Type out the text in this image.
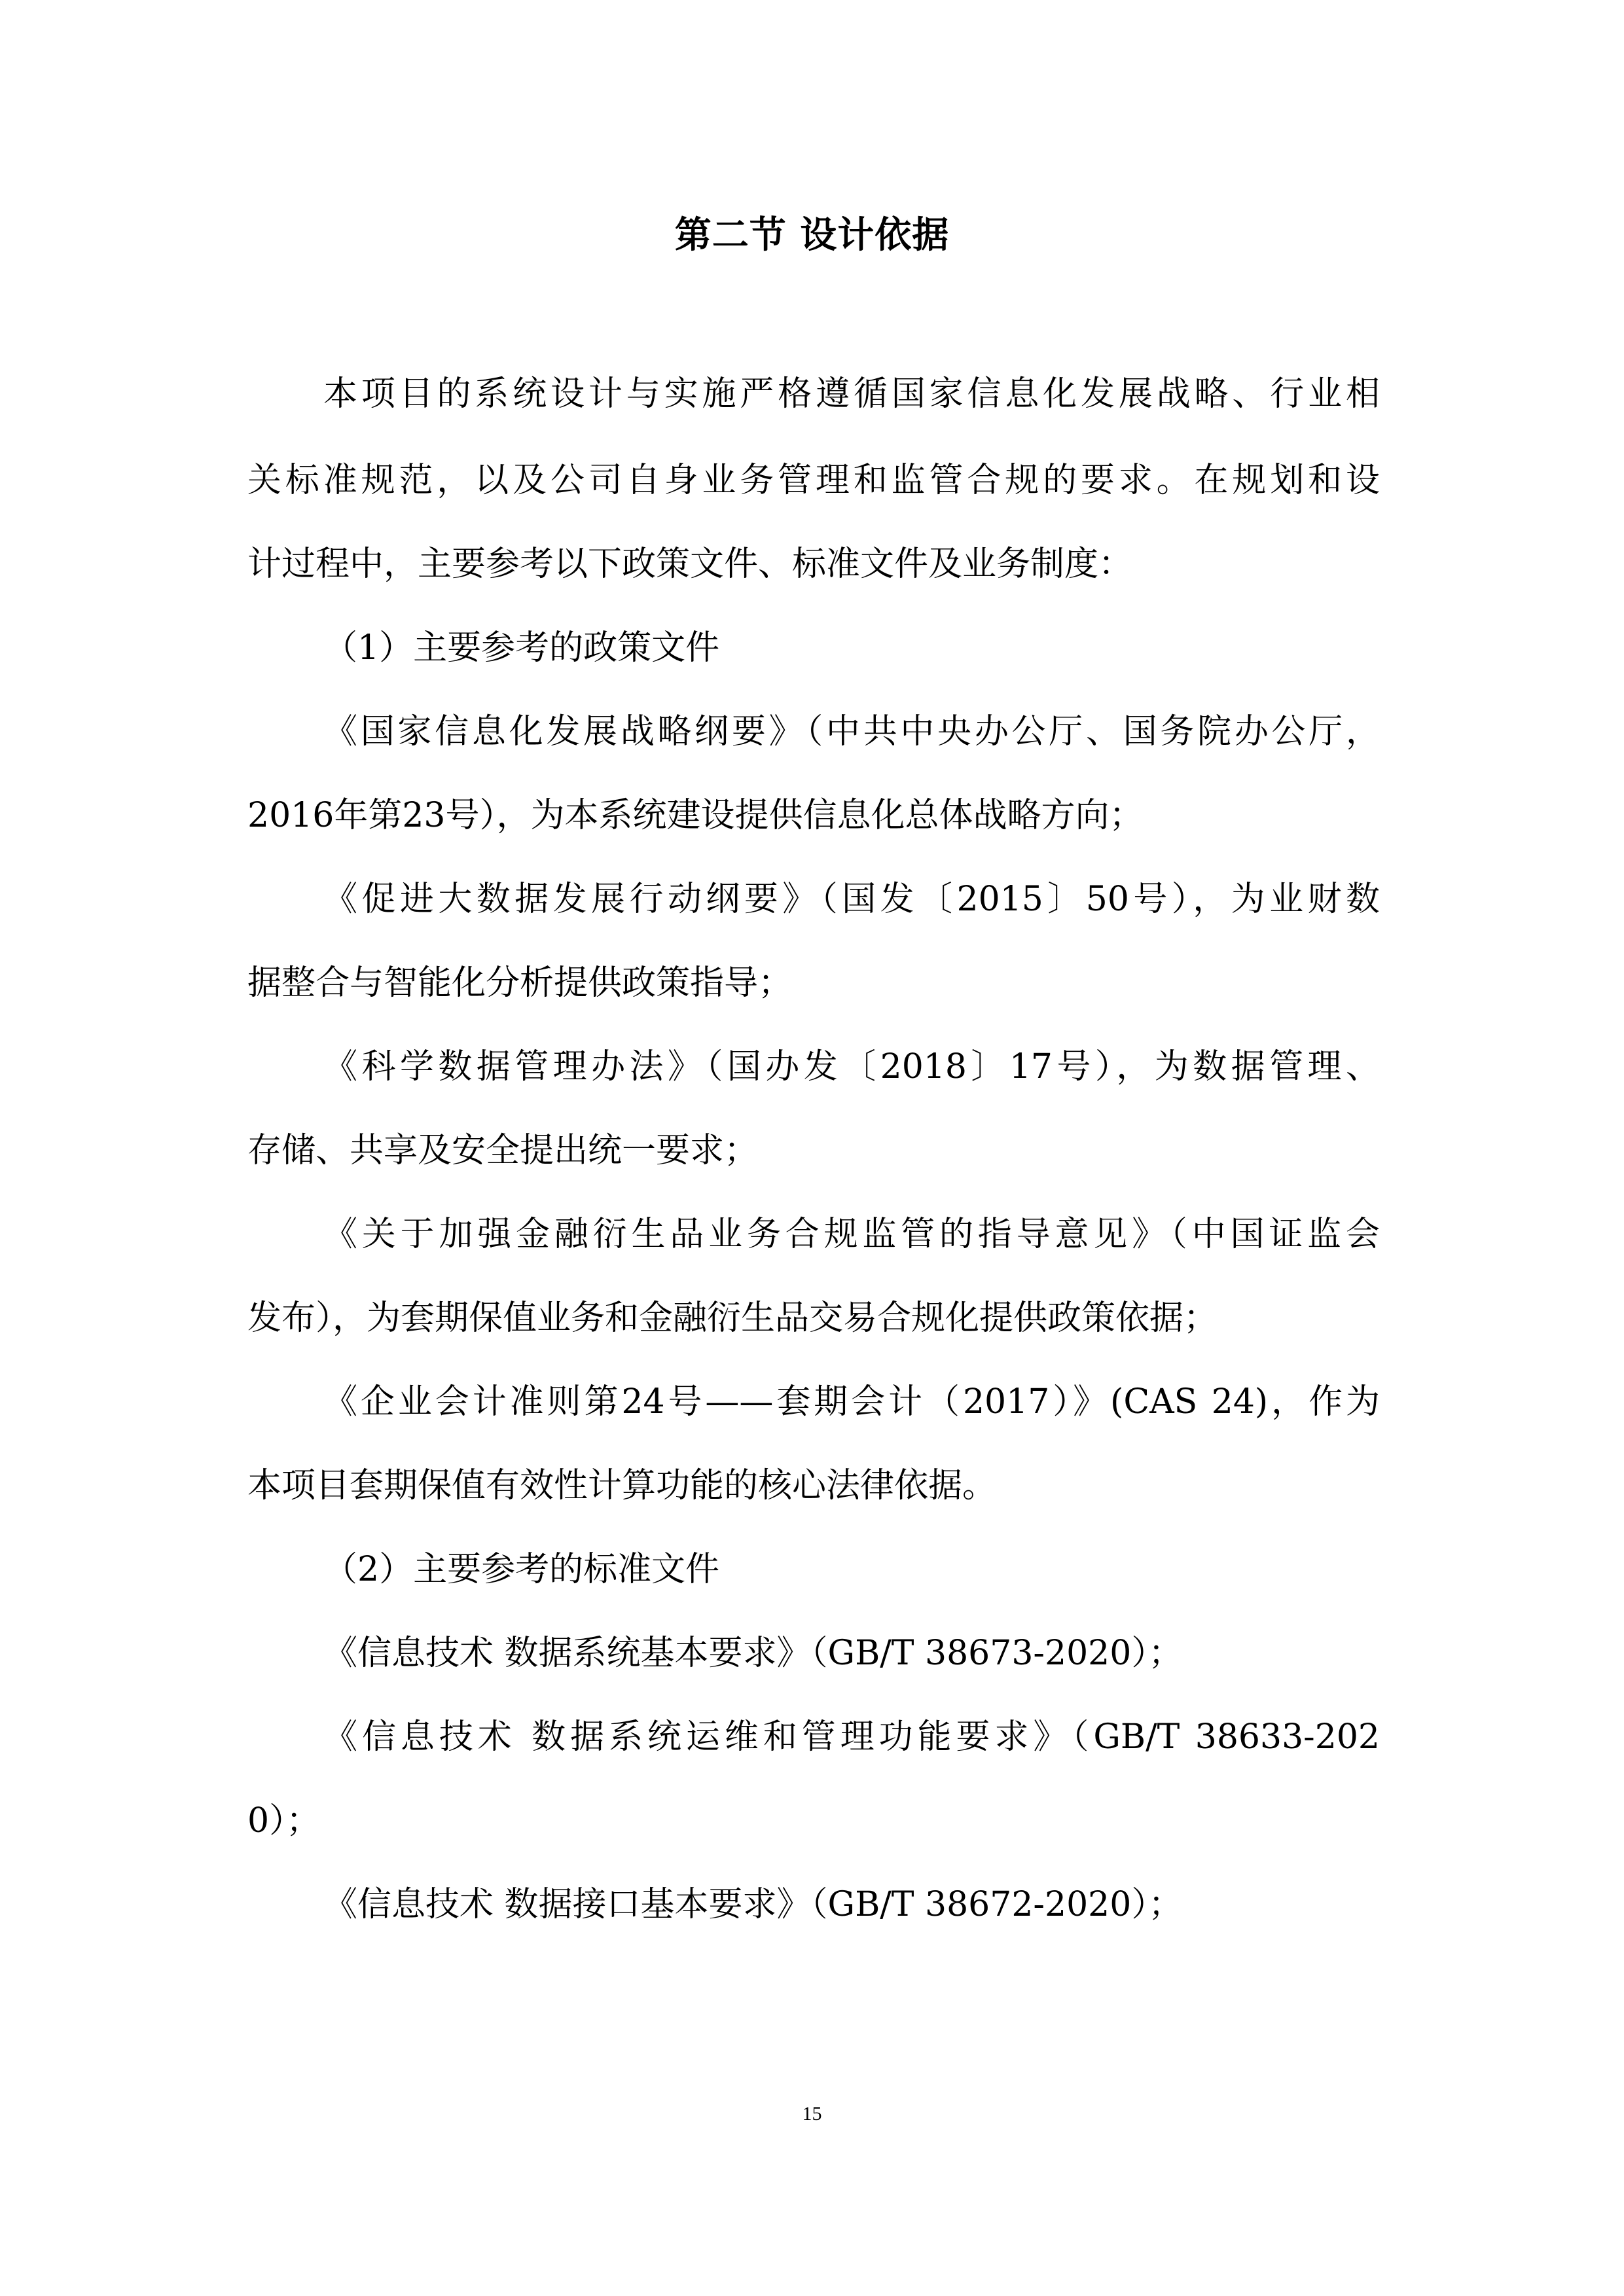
第二节 设计依据
本项目的系统设计与实施严格遵循国家信息化发展战略、行业相
关标准规范，以及公司自身业务管理和监管合规的要求。在规划和设
计过程中，主要参考以下政策文件、标准文件及业务制度：
（1）主要参考的政策文件
《国家信息化发展战略纲要》（中共中央办公厅、国务院办公厅，
2016年第23号），为本系统建设提供信息化总体战略方向；
《促进大数据发展行动纲要》（国发〔2015〕50号），为业财数
据整合与智能化分析提供政策指导；
《科学数据管理办法》（国办发〔2018〕17号），为数据管理、
存储、共享及安全提出统一要求；
《关于加强金融衍生品业务合规监管的指导意见》（中国证监会
发布），为套期保值业务和金融衍生品交易合规化提供政策依据；
《企业会计准则第24号——套期会计（2017）》(CAS 24)，作为
本项目套期保值有效性计算功能的核心法律依据。
（2）主要参考的标准文件
《信息技术 数据系统基本要求》（GB/T 38673-2020）；
《信息技术 数据系统运维和管理功能要求》（GB/T 38633-202
0）；
《信息技术 数据接口基本要求》（GB/T 38672-2020）；
15
